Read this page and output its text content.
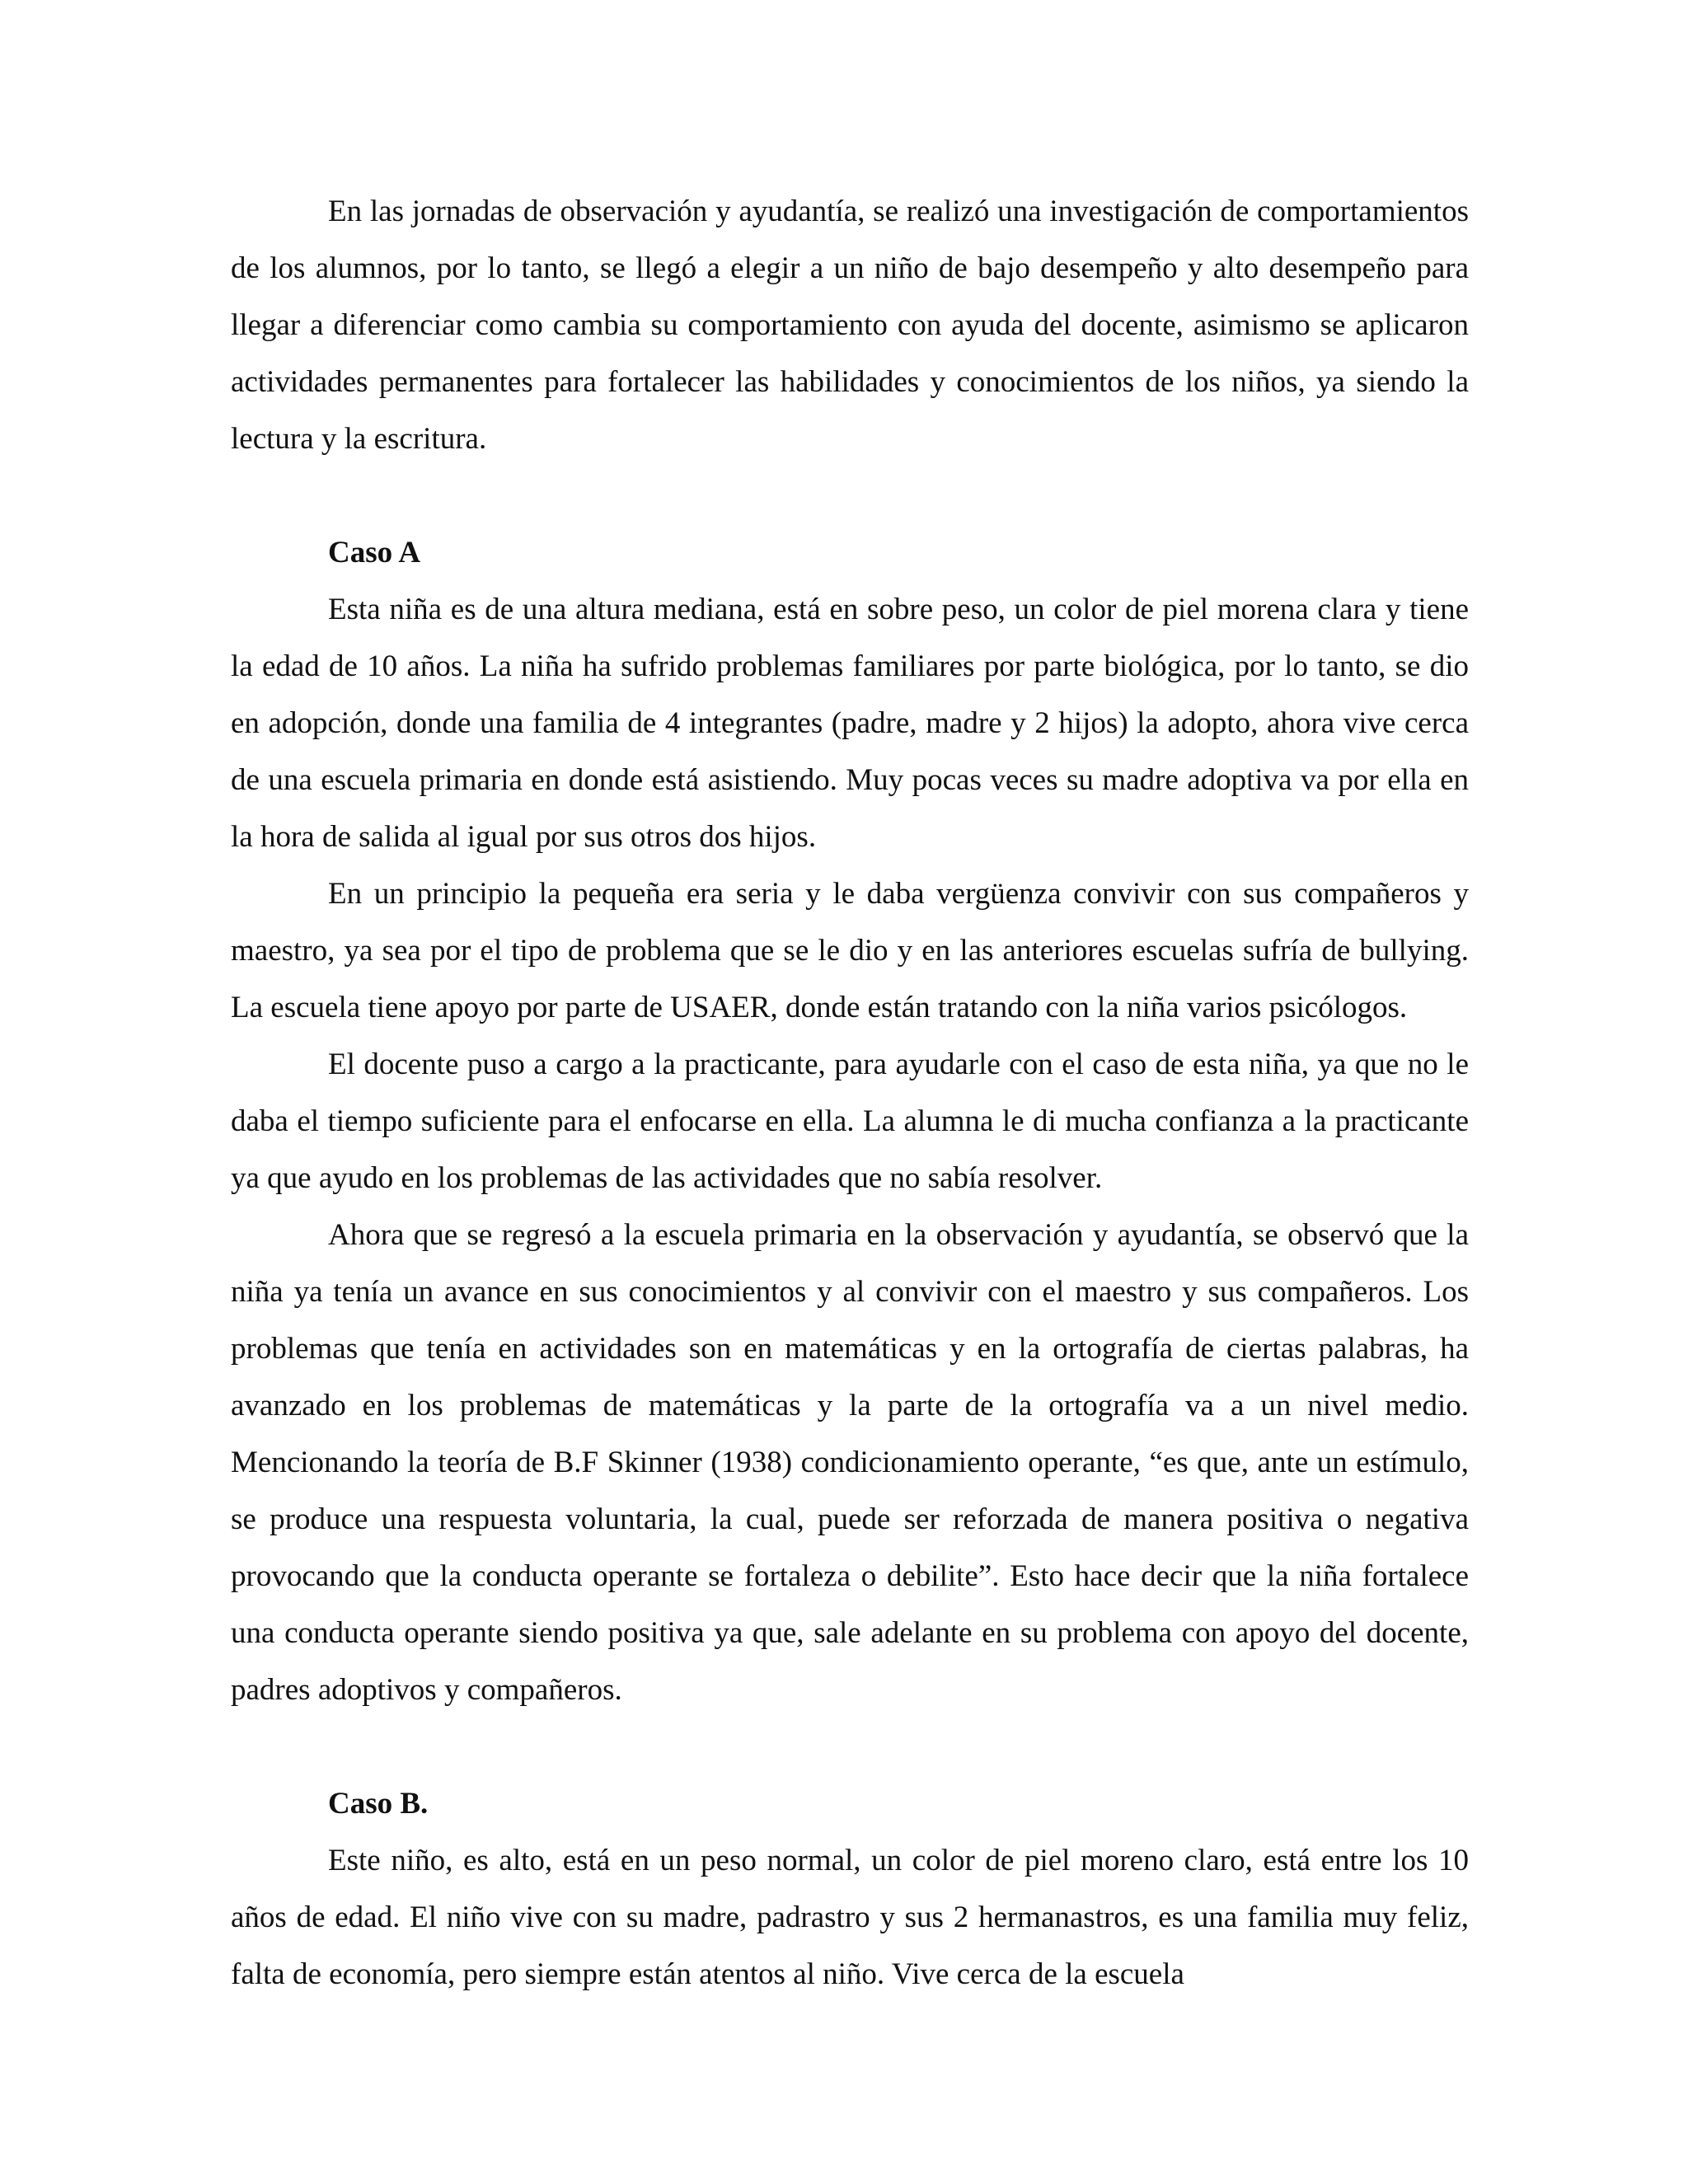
En las jornadas de observación y ayudantía, se realizó una investigación de comportamientos de los alumnos, por lo tanto, se llegó a elegir a un niño de bajo desempeño y alto desempeño para llegar a diferenciar como cambia su comportamiento con ayuda del docente, asimismo se aplicaron actividades permanentes para fortalecer las habilidades y conocimientos de los niños, ya siendo la lectura y la escritura.

Caso A

Esta niña es de una altura mediana, está en sobre peso, un color de piel morena clara y tiene la edad de 10 años. La niña ha sufrido problemas familiares por parte biológica, por lo tanto, se dio en adopción, donde una familia de 4 integrantes (padre, madre y 2 hijos) la adopto, ahora vive cerca de una escuela primaria en donde está asistiendo. Muy pocas veces su madre adoptiva va por ella en la hora de salida al igual por sus otros dos hijos.

En un principio la pequeña era seria y le daba vergüenza convivir con sus compañeros y maestro, ya sea por el tipo de problema que se le dio y en las anteriores escuelas sufría de bullying. La escuela tiene apoyo por parte de USAER, donde están tratando con la niña varios psicólogos.

El docente puso a cargo a la practicante, para ayudarle con el caso de esta niña, ya que no le daba el tiempo suficiente para el enfocarse en ella. La alumna le di mucha confianza a la practicante ya que ayudo en los problemas de las actividades que no sabía resolver.

Ahora que se regresó a la escuela primaria en la observación y ayudantía, se observó que la niña ya tenía un avance en sus conocimientos y al convivir con el maestro y sus compañeros. Los problemas que tenía en actividades son en matemáticas y en la ortografía de ciertas palabras, ha avanzado en los problemas de matemáticas y la parte de la ortografía va a un nivel medio. Mencionando la teoría de B.F Skinner (1938) condicionamiento operante, “es que, ante un estímulo, se produce una respuesta voluntaria, la cual, puede ser reforzada de manera positiva o negativa provocando que la conducta operante se fortaleza o debilite”. Esto hace decir que la niña fortalece una conducta operante siendo positiva ya que, sale adelante en su problema con apoyo del docente, padres adoptivos y compañeros.

Caso B.

Este niño, es alto, está en un peso normal, un color de piel moreno claro, está entre los 10 años de edad. El niño vive con su madre, padrastro y sus 2 hermanastros, es una familia muy feliz, falta de economía, pero siempre están atentos al niño. Vive cerca de la escuela
